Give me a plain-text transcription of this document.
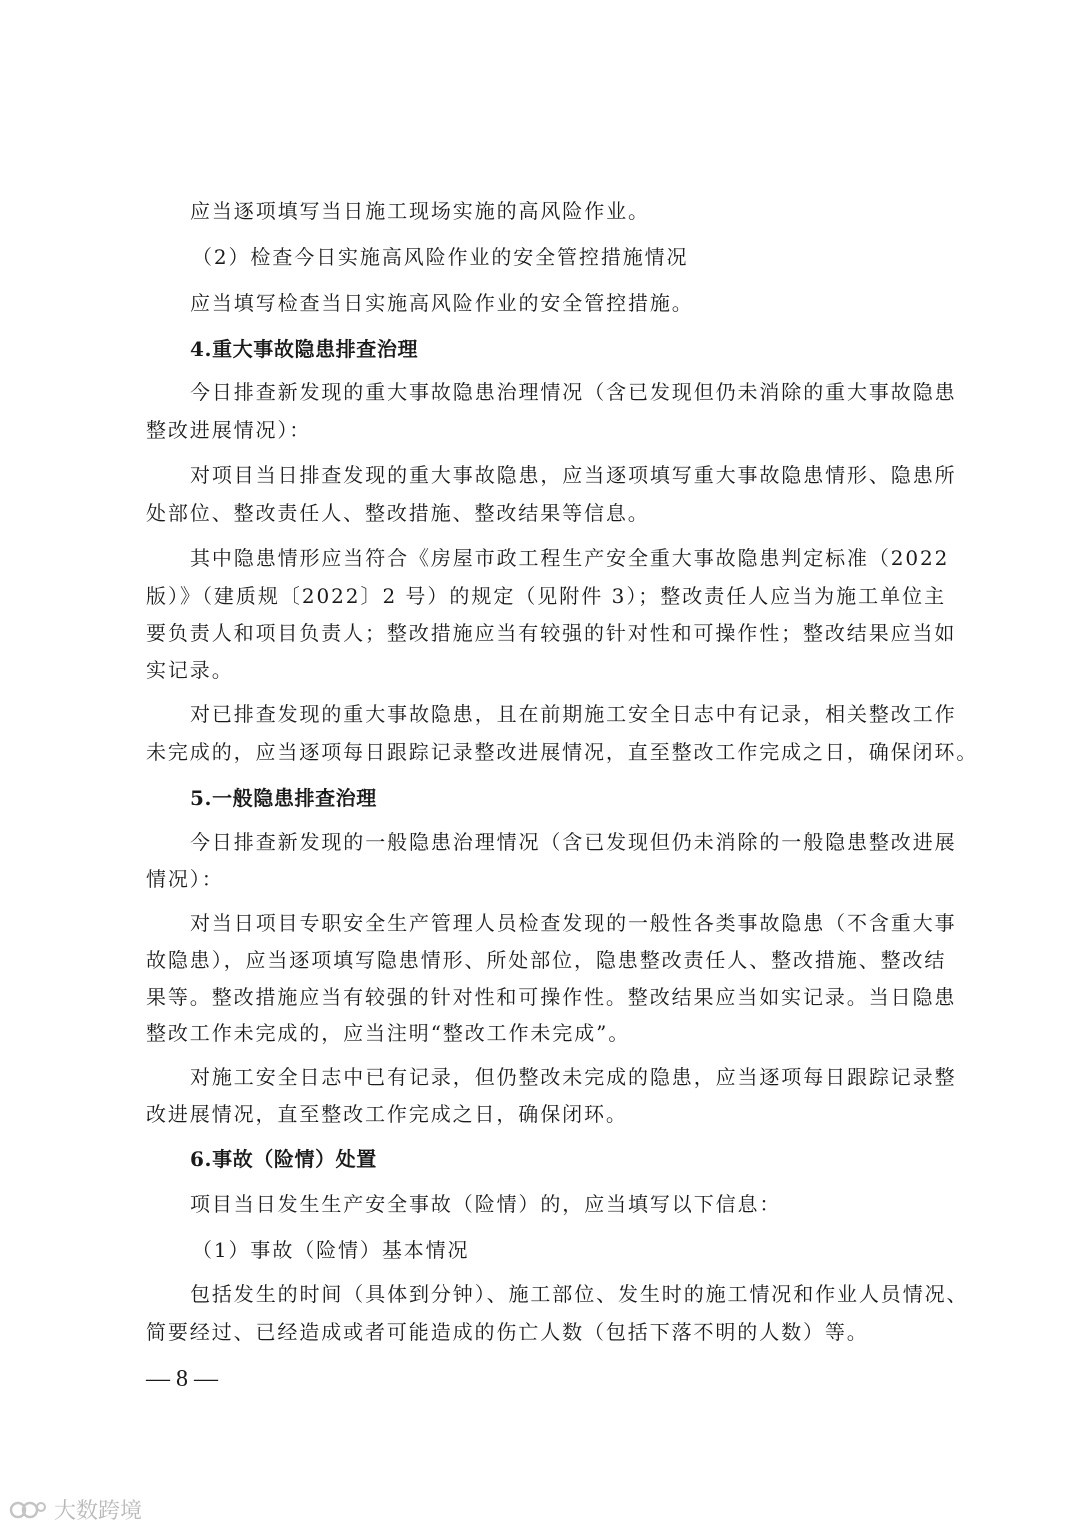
应当逐项填写当日施工现场实施的高风险作业。
（2）检查今日实施高风险作业的安全管控措施情况
应当填写检查当日实施高风险作业的安全管控措施。
4.重大事故隐患排查治理
今日排查新发现的重大事故隐患治理情况（含已发现但仍未消除的重大事故隐患
整改进展情况）：
对项目当日排查发现的重大事故隐患，应当逐项填写重大事故隐患情形、隐患所
处部位、整改责任人、整改措施、整改结果等信息。
其中隐患情形应当符合《房屋市政工程生产安全重大事故隐患判定标准（2022
版）》（建质规〔2022〕2 号）的规定（见附件 3）；整改责任人应当为施工单位主
要负责人和项目负责人；整改措施应当有较强的针对性和可操作性；整改结果应当如
实记录。
对已排查发现的重大事故隐患，且在前期施工安全日志中有记录，相关整改工作
未完成的，应当逐项每日跟踪记录整改进展情况，直至整改工作完成之日，确保闭环。
5.一般隐患排查治理
今日排查新发现的一般隐患治理情况（含已发现但仍未消除的一般隐患整改进展
情况）：
对当日项目专职安全生产管理人员检查发现的一般性各类事故隐患（不含重大事
故隐患），应当逐项填写隐患情形、所处部位，隐患整改责任人、整改措施、整改结
果等。整改措施应当有较强的针对性和可操作性。整改结果应当如实记录。当日隐患
整改工作未完成的，应当注明“整改工作未完成”。
对施工安全日志中已有记录，但仍整改未完成的隐患，应当逐项每日跟踪记录整
改进展情况，直至整改工作完成之日，确保闭环。
6.事故（险情）处置
项目当日发生生产安全事故（险情）的，应当填写以下信息：
（1）事故（险情）基本情况
包括发生的时间（具体到分钟）、施工部位、发生时的施工情况和作业人员情况、
简要经过、已经造成或者可能造成的伤亡人数（包括下落不明的人数）等。
— 8 —
大数跨境
